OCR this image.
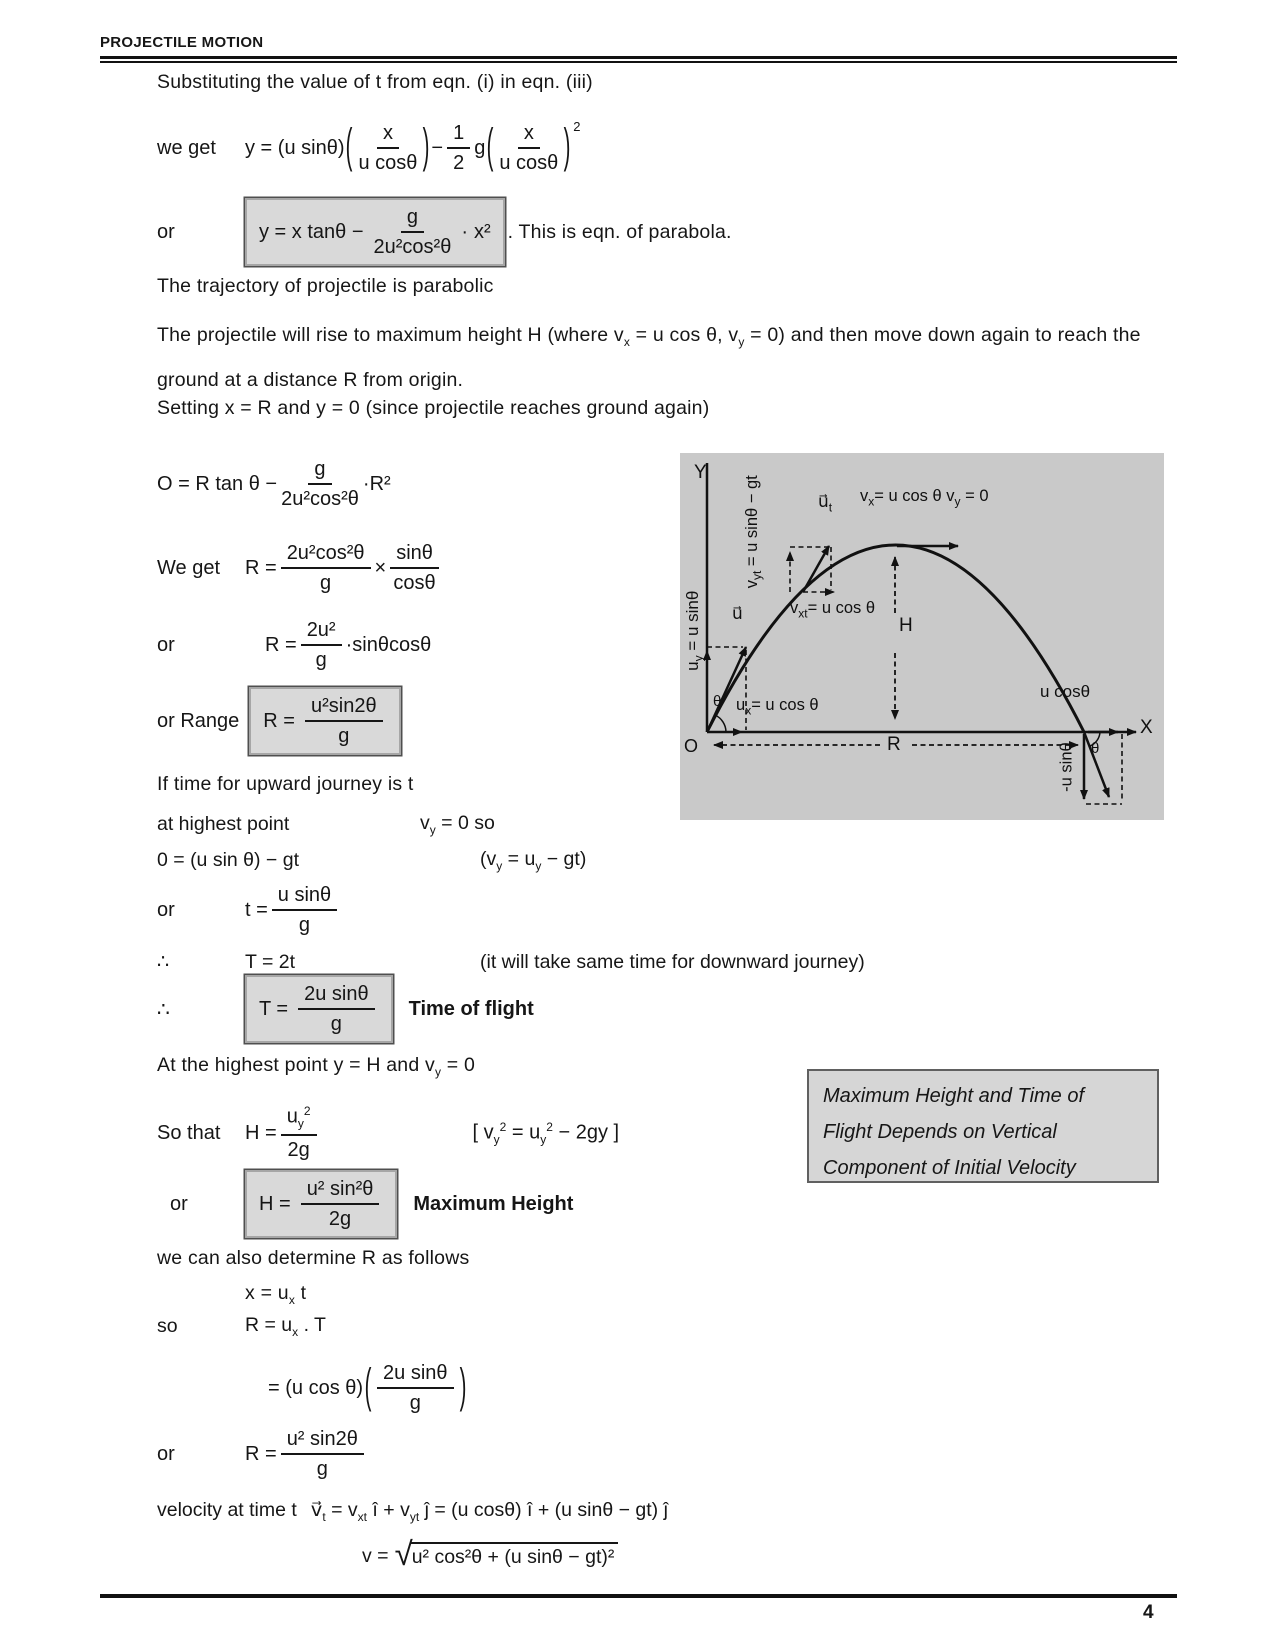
PROJECTILE MOTION
Substituting the value of t from eqn. (i) in eqn. (iii)
we get	y = (u sinθ) ( $\frac{x}{\text{u cosθ}}$ ) − $\frac{1}{2}$ g ( $\frac{x}{\text{u cosθ}}$ ) 2
or	y = x $\tan\theta - \frac{g}{\text{2u²cos²θ}} \cdot x^2$ . This is eqn. of parabola.
The trajectory of projectile is parabolic
The projectile will rise to maximum height H (where $v_x = u$ cos θ, $v_y = 0$) and then move down again to reach the ground at a distance R from origin.
Setting x = R and y = 0 (since projectile reaches ground again)
O = R $\tan \theta - \frac{g}{\text{2u²cos²θ}} \cdot R^2$
We get	$R = \frac{\text{2u²cos²θ}}{g} \times \frac{\sin\theta}{\cos\theta}$
or	$R = \frac{\text{2u²}}{g} \cdot \sin\theta\cos\theta$
or Range $R = \frac{\text{u²sin2θ}}{g}$
Y
X
O
$u_y = u$ sinθ u⃗
θ $u_x= u$ cos θ
$v_{yt} = u$ sinθ − gt	$u⃗_t$
$v_{xt}= u$ cos θ
$v_x= u$ cos θ $v_y = 0$
H
R
u cosθ
θ
-u sinθ
If time for upward journey is t
at highest point	$v_y = 0$ so
0 = (u sin θ) − gt	$(v_y = u_y - gt)$
or	$t = \frac{\text{u sinθ}}{g}$
∴	T = 2t	(it will take same time for downward journey)
∴	$T = \frac{\text{2u sinθ}}{g}$ Time of flight
At the highest point y = H and $v_y = 0$
So that	$H = \frac{u_y^2}{2g}$	[ $v_y^2 = u_y^2 - 2gy$ ]
Maximum Height and Time of
Flight Depends on Vertical
Component of Initial Velocity
or	$H = \frac{\text{u² sin²θ}}{2g}$ Maximum Height
we can also determine R as follows
$x = u_x$ t
so	$R = u_x$ . T
= (u cos θ) ( $\frac{\text{2u sinθ}}{g}$ )
or	$R = \frac{\text{u² sin2θ}}{g}$
velocity at time t $v⃗_t = v_{xt}$ î + $v_{yt}$ ĵ = (u cosθ) î + (u sinθ − gt) ĵ
v = √ u² cos²θ + (u sinθ − gt)²
4
